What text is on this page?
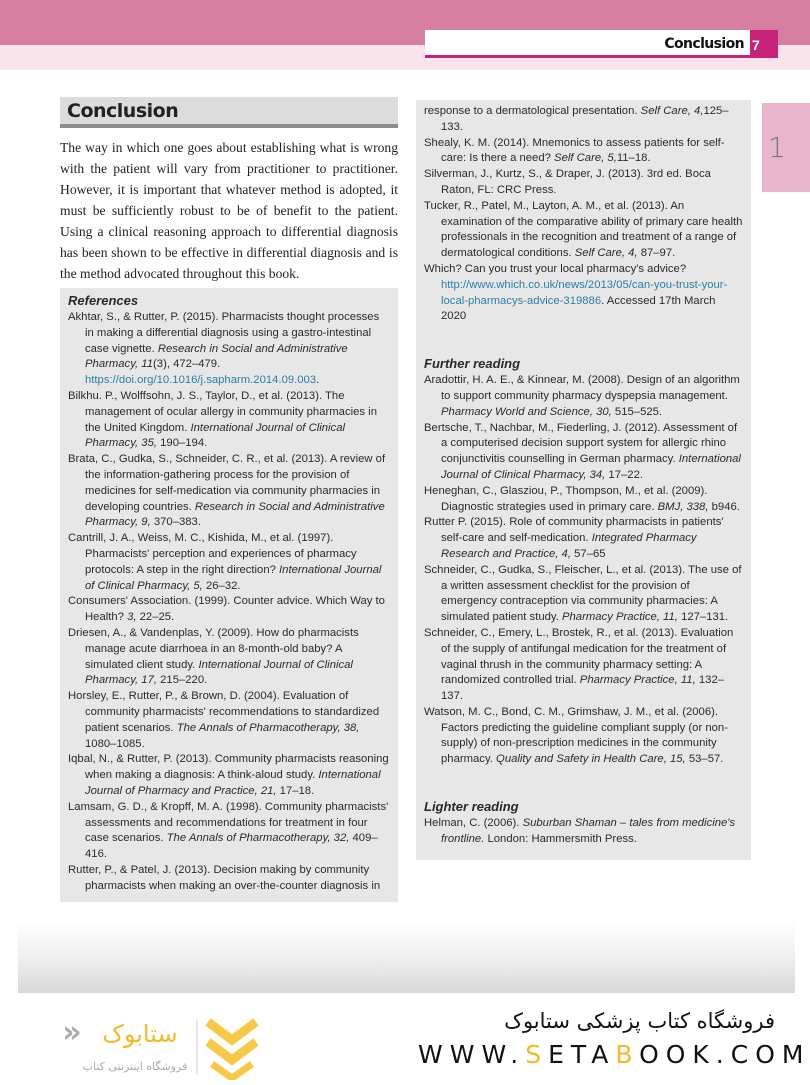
Conclusion 7
1
Conclusion
The way in which one goes about establishing what is wrong with the patient will vary from practitioner to practitioner. However, it is important that whatever method is adopted, it must be sufficiently robust to be of benefit to the patient. Using a clinical reasoning approach to differential diagnosis has been shown to be effective in differential diagnosis and is the method advocated throughout this book.
References

Akhtar, S., & Rutter, P. (2015). Pharmacists thought processes in making a differential diagnosis using a gastro-intestinal case vignette. Research in Social and Administrative Pharmacy, 11(3), 472–479. https://doi.org/10.1016/j.sapharm.2014.09.003.

Bilkhu. P., Wolffsohn, J. S., Taylor, D., et al. (2013). The management of ocular allergy in community pharmacies in the United Kingdom. International Journal of Clinical Pharmacy, 35, 190–194.

Brata, C., Gudka, S., Schneider, C. R., et al. (2013). A review of the information-gathering process for the provision of medicines for self-medication via community pharmacies in developing countries. Research in Social and Administrative Pharmacy, 9, 370–383.

Cantrill, J. A., Weiss, M. C., Kishida, M., et al. (1997). Pharmacists' perception and experiences of pharmacy protocols: A step in the right direction? International Journal of Clinical Pharmacy, 5, 26–32.

Consumers' Association. (1999). Counter advice. Which Way to Health? 3, 22–25.

Driesen, A., & Vandenplas, Y. (2009). How do pharmacists manage acute diarrhoea in an 8-month-old baby? A simulated client study. International Journal of Clinical Pharmacy, 17, 215–220.

Horsley, E., Rutter, P., & Brown, D. (2004). Evaluation of community pharmacists' recommendations to standardized patient scenarios. The Annals of Pharmacotherapy, 38, 1080–1085.

Iqbal, N., & Rutter, P. (2013). Community pharmacists reasoning when making a diagnosis: A think-aloud study. International Journal of Pharmacy and Practice, 21, 17–18.

Lamsam, G. D., & Kropff, M. A. (1998). Community pharmacists' assessments and recommendations for treatment in four case scenarios. The Annals of Pharmacotherapy, 32, 409–416.

Rutter, P., & Patel, J. (2013). Decision making by community pharmacists when making an over-the-counter diagnosis in

response to a dermatological presentation. Self Care, 4,125–133.

Shealy, K. M. (2014). Mnemonics to assess patients for self-care: Is there a need? Self Care, 5,11–18.

Silverman, J., Kurtz, S., & Draper, J. (2013). 3rd ed. Boca Raton, FL: CRC Press.

Tucker, R., Patel, M., Layton, A. M., et al. (2013). An examination of the comparative ability of primary care health professionals in the recognition and treatment of a range of dermatological conditions. Self Care, 4, 87–97.

Which? Can you trust your local pharmacy's advice? http://www.which.co.uk/news/2013/05/can-you-trust-your-local-pharmacys-advice-319886. Accessed 17th March 2020

Further reading

Aradottir, H. A. E., & Kinnear, M. (2008). Design of an algorithm to support community pharmacy dyspepsia management. Pharmacy World and Science, 30, 515–525.

Bertsche, T., Nachbar, M., Fiederling, J. (2012). Assessment of a computerised decision support system for allergic rhino conjunctivitis counselling in German pharmacy. International Journal of Clinical Pharmacy, 34, 17–22.

Heneghan, C., Glasziou, P., Thompson, M., et al. (2009). Diagnostic strategies used in primary care. BMJ, 338, b946.

Rutter P. (2015). Role of community pharmacists in patients' self-care and self-medication. Integrated Pharmacy Research and Practice, 4, 57–65

Schneider, C., Gudka, S., Fleischer, L., et al. (2013). The use of a written assessment checklist for the provision of emergency contraception via community pharmacies: A simulated patient study. Pharmacy Practice, 11, 127–131.

Schneider, C., Emery, L., Brostek, R., et al. (2013). Evaluation of the supply of antifungal medication for the treatment of vaginal thrush in the community pharmacy setting: A randomized controlled trial. Pharmacy Practice, 11, 132–137.

Watson, M. C., Bond, C. M., Grimshaw, J. M., et al. (2006). Factors predicting the guideline compliant supply (or non-supply) of non-prescription medicines in the community pharmacy. Quality and Safety in Health Care, 15, 53–57.

Lighter reading

Helman, C. (2006). Suburban Shaman – tales from medicine's frontline. London: Hammersmith Press.

» ستابوک
فروشگاه اینترنتی کتاب
فروشگاه کتاب پزشکی ستابوک
WWW.SETABOOK.COM
